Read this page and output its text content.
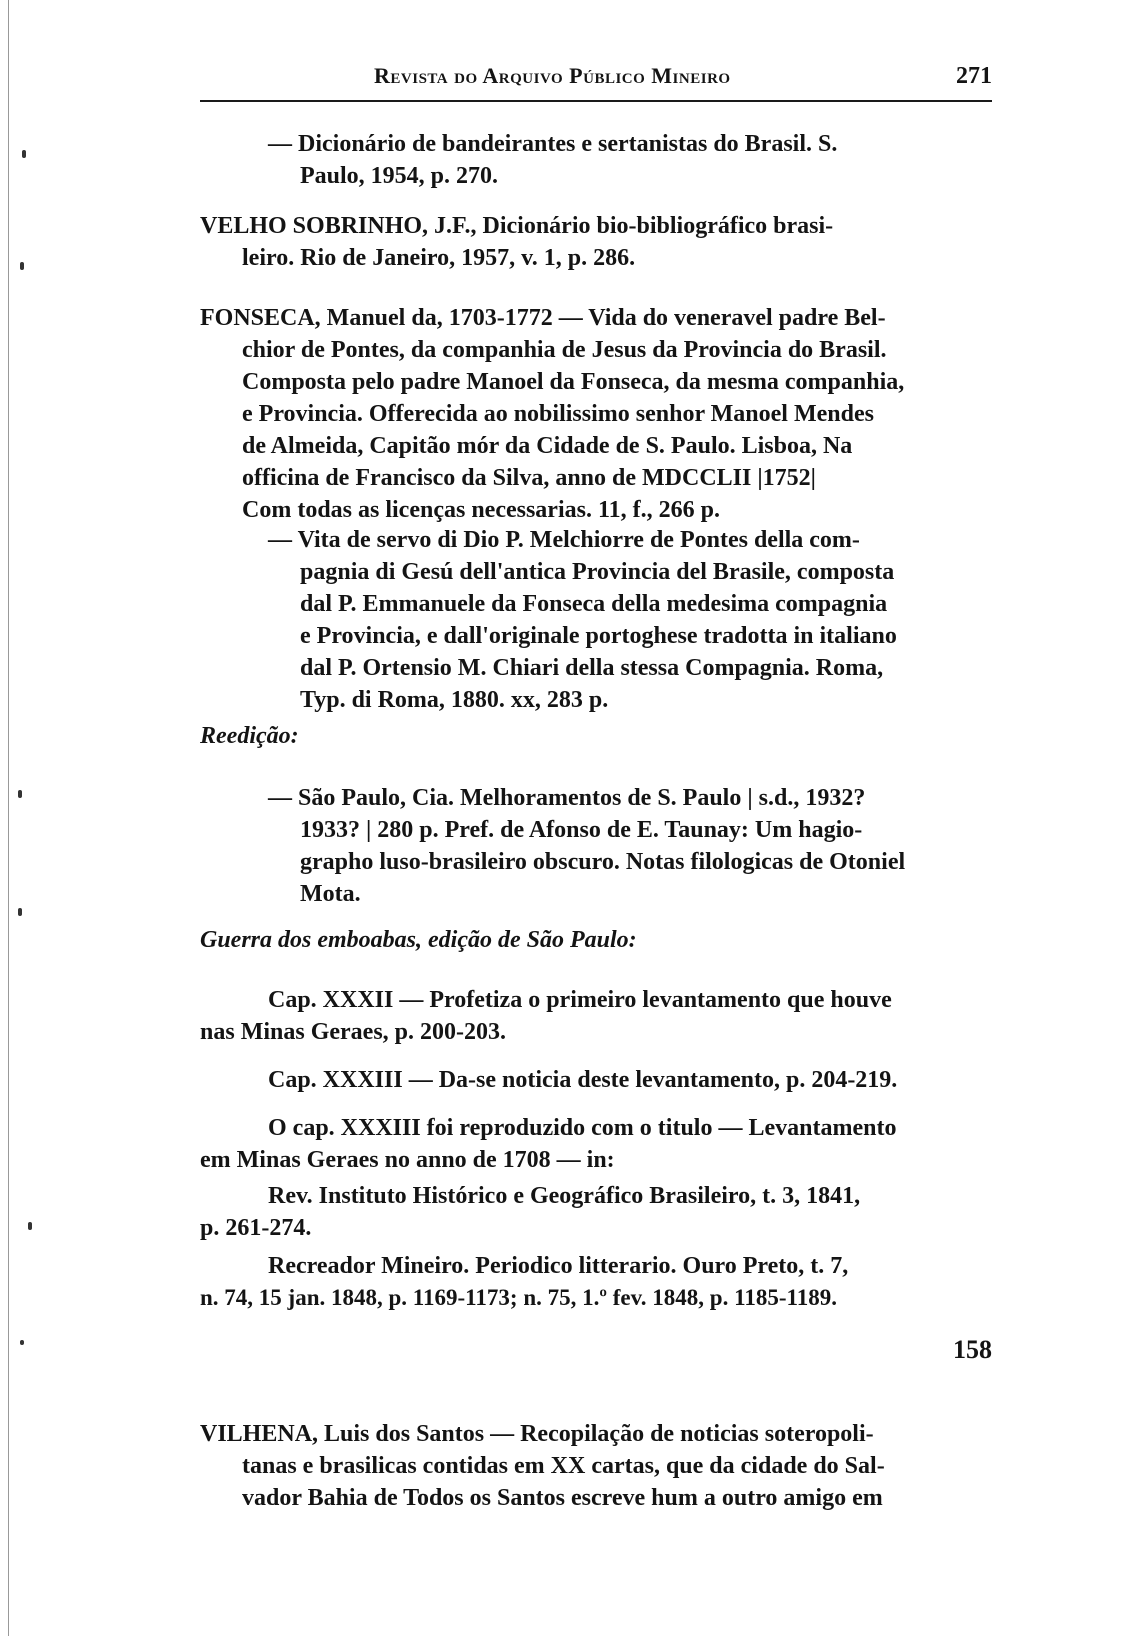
Revista do Arquivo Público Mineiro	271
— Dicionário de bandeirantes e sertanistas do Brasil. S.
Paulo, 1954, p. 270.
VELHO SOBRINHO, J.F., Dicionário bio-bibliográfico brasi-
leiro. Rio de Janeiro, 1957, v. 1, p. 286.
FONSECA, Manuel da, 1703-1772 — Vida do veneravel padre Bel-
chior de Pontes, da companhia de Jesus da Provincia do Brasil.
Composta pelo padre Manoel da Fonseca, da mesma companhia,
e Provincia. Offerecida ao nobilissimo senhor Manoel Mendes
de Almeida, Capitão mór da Cidade de S. Paulo. Lisboa, Na
officina de Francisco da Silva, anno de MDCCLII |1752|
Com todas as licenças necessarias. 11, f., 266 p.
— Vita de servo di Dio P. Melchiorre de Pontes della com-
pagnia di Gesú dell'antica Provincia del Brasile, composta
dal P. Emmanuele da Fonseca della medesima compagnia
e Provincia, e dall'originale portoghese tradotta in italiano
dal P. Ortensio M. Chiari della stessa Compagnia. Roma,
Typ. di Roma, 1880. xx, 283 p.
Reedição:
— São Paulo, Cia. Melhoramentos de S. Paulo | s.d., 1932?
1933? | 280 p. Pref. de Afonso de E. Taunay: Um hagio-
grapho luso-brasileiro obscuro. Notas filologicas de Otoniel
Mota.
Guerra dos emboabas, edição de São Paulo:
Cap. XXXII — Profetiza o primeiro levantamento que houve
nas Minas Geraes, p. 200-203.
Cap. XXXIII — Da-se noticia deste levantamento, p. 204-219.
O cap. XXXIII foi reproduzido com o titulo — Levantamento
em Minas Geraes no anno de 1708 — in:
Rev. Instituto Histórico e Geográfico Brasileiro, t. 3, 1841,
p. 261-274.
Recreador Mineiro. Periodico litterario. Ouro Preto, t. 7,
n. 74, 15 jan. 1848, p. 1169-1173; n. 75, 1.º fev. 1848, p. 1185-1189.
158
VILHENA, Luis dos Santos — Recopilação de noticias soteropoli-
tanas e brasilicas contidas em XX cartas, que da cidade do Sal-
vador Bahia de Todos os Santos escreve hum a outro amigo em
